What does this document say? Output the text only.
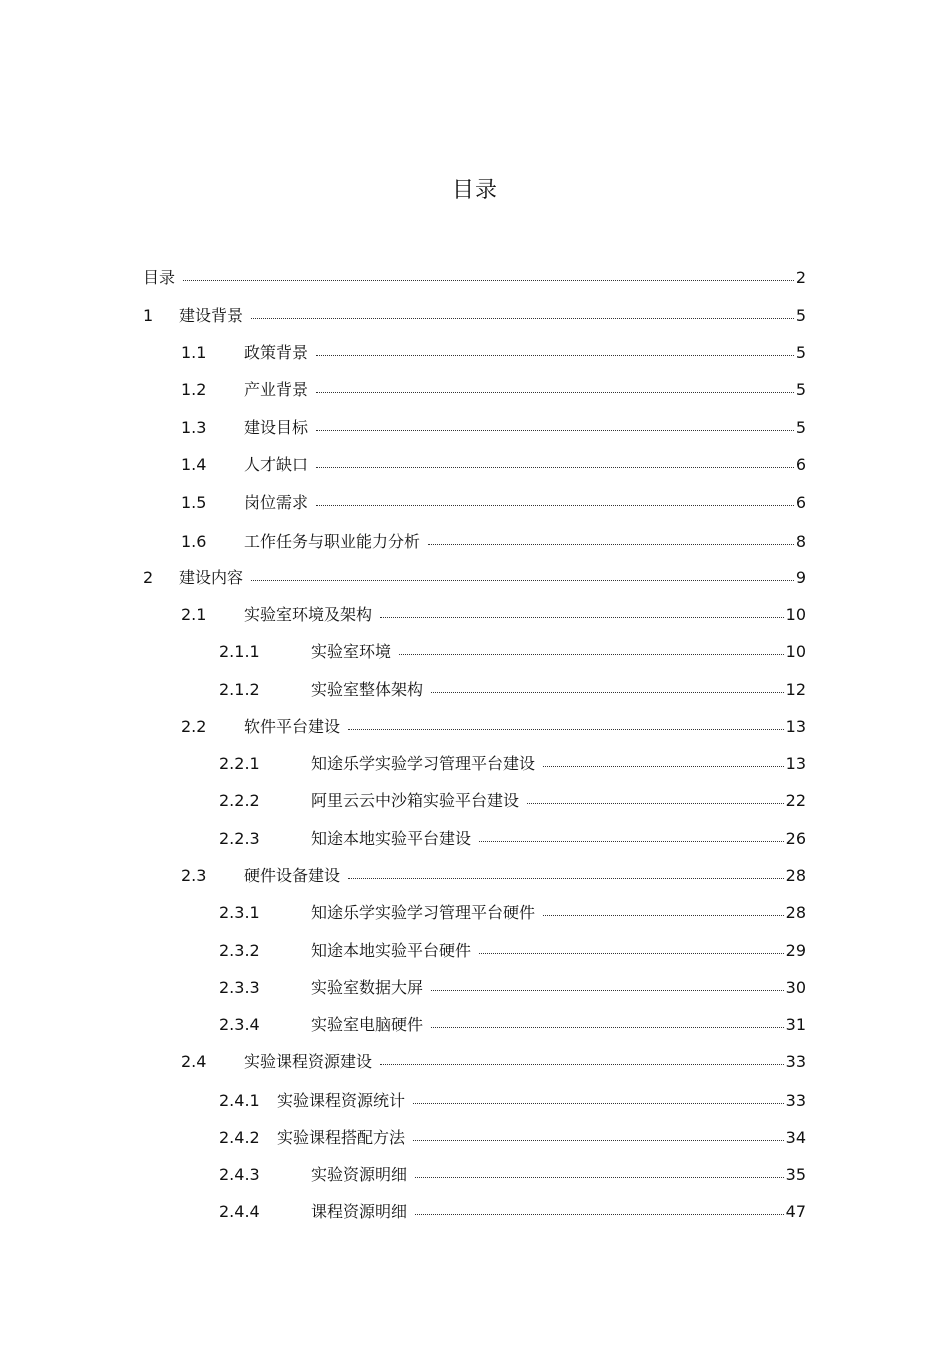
目录
目录	2
1 建设背景	5
1.1 政策背景	5
1.2 产业背景	5
1.3 建设目标	5
1.4 人才缺口	6
1.5 岗位需求	6
1.6 工作任务与职业能力分析	8
2 建设内容	9
2.1 实验室环境及架构	10
2.1.1	实验室环境	10
2.1.2	实验室整体架构	12
2.2 软件平台建设	13
2.2.1	知途乐学实验学习管理平台建设	13
2.2.2	阿里云云中沙箱实验平台建设	22
2.2.3	知途本地实验平台建设	26
2.3 硬件设备建设	28
2.3.1	知途乐学实验学习管理平台硬件	28
2.3.2	知途本地实验平台硬件	29
2.3.3	实验室数据大屏	30
2.3.4	实验室电脑硬件	31
2.4 实验课程资源建设	33
2.4.1 实验课程资源统计	33
2.4.2 实验课程搭配方法	34
2.4.3	实验资源明细	35
2.4.4	课程资源明细	47
